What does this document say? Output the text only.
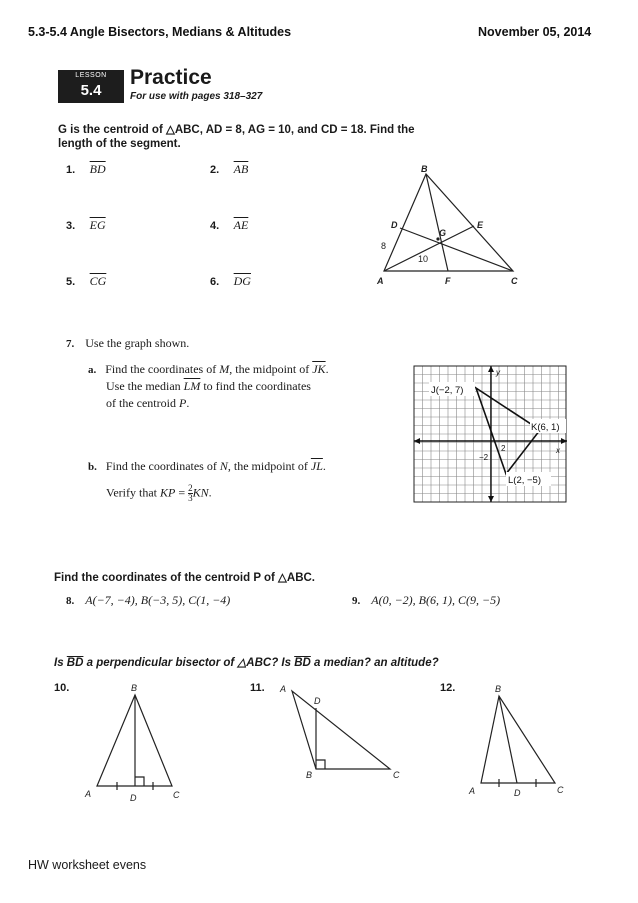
5.3-5.4 Angle Bisectors, Medians & Altitudes	November 05, 2014
LESSON
5.4
Practice
For use with pages 318–327
G is the centroid of △ABC, AD = 8, AG = 10, and CD = 18. Find the
length of the segment.
1. $\overline{BD}$	2. $\overline{AB}$
3. $\overline{EG}$	4. $\overline{AE}$
5. $\overline{CG}$	6. $\overline{DG}$
B
D	E
G
A	F	C
8
10
7. Use the graph shown.
a. Find the coordinates of M, the midpoint of $\overline{JK}$.
Use the median $\overline{LM}$ to find the coordinates
of the centroid P.
b. Find the coordinates of N, the midpoint of $\overline{JL}$.
Verify that KP = $\frac{2}{3}$ KN.
J(−2, 7)
K(6, 1)
L(2, −5)
x
y
2
−2
Find the coordinates of the centroid P of △ABC.
8. A(−7, −4), B(−3, 5), C(1, −4)	9. A(0, −2), B(6, 1), C(9, −5)
Is $\overline{BD}$ a perpendicular bisector of △ABC? Is $\overline{BD}$ a median? an altitude?
10.	B
A	D	C
11. A
D
B	C
12.	B
A	D	C
HW worksheet evens
